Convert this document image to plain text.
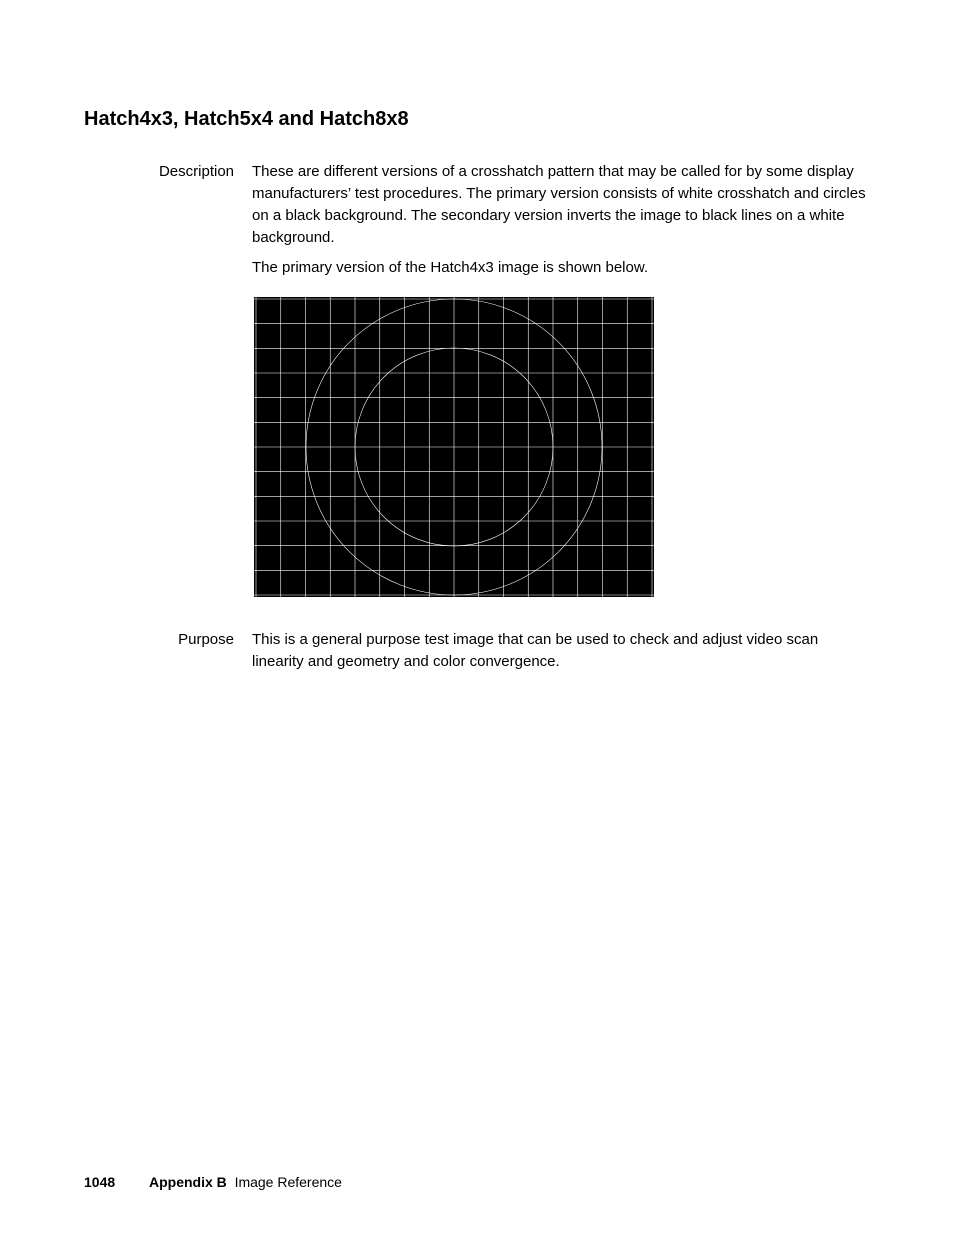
Hatch4x3, Hatch5x4 and Hatch8x8
Description These are different versions of a crosshatch pattern that may be called for by some display manufacturers’ test procedures. The primary version consists of white crosshatch and circles on a black background. The secondary version inverts the image to black lines on a white background.

The primary version of the Hatch4x3 image is shown below.

Purpose This is a general purpose test image that can be used to check and adjust video scan linearity and geometry and color convergence.

1048 Appendix B Image Reference
